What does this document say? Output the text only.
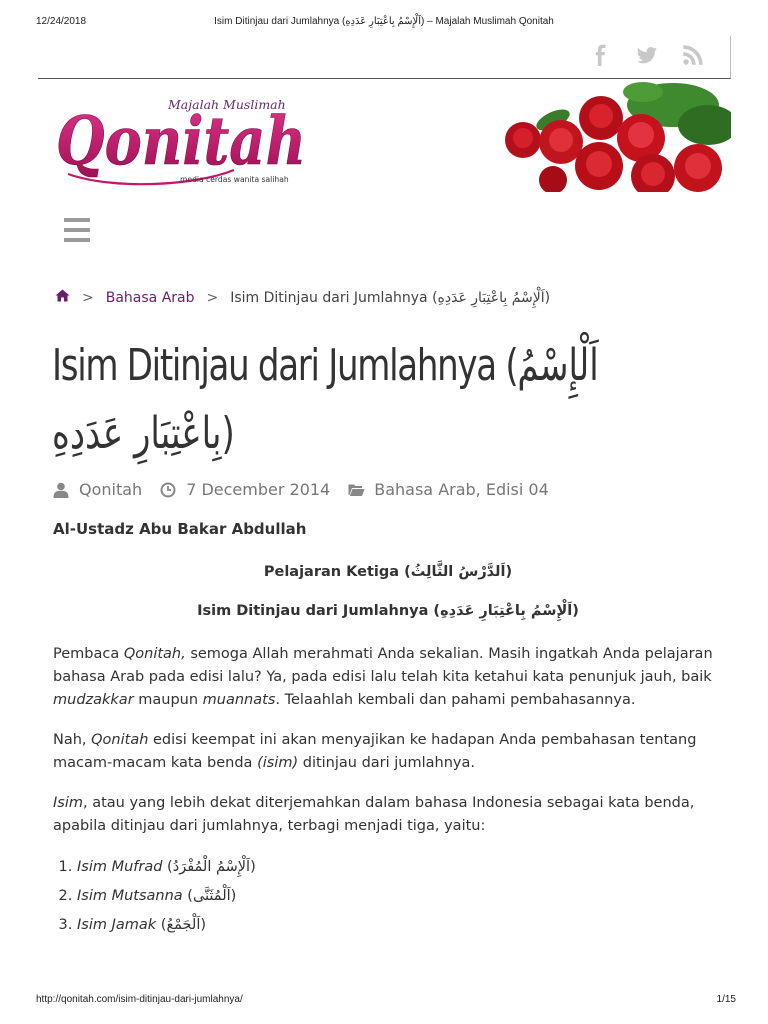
12/24/2018	Isim Ditinjau dari Jumlahnya (اَلْإِسْمُ بِاعْتِبَارِ عَدَدِهِ) – Majalah Muslimah Qonitah
Majalah Muslimah
Qonitah
media cerdas wanita salihah
> Bahasa Arab > Isim Ditinjau dari Jumlahnya (اَلْإِسْمُ بِاعْتِبَارِ عَدَدِهِ)
Isim Ditinjau dari Jumlahnya (اَلْإِسْمُ
بِاعْتِبَارِ عَدَدِهِ)
Qonitah	7 December 2014	Bahasa Arab, Edisi 04
Al-Ustadz Abu Bakar Abdullah
Pelajaran Ketiga (اَلدَّرْسُ الثَّالِثُ)
Isim Ditinjau dari Jumlahnya (اَلْإِسْمُ بِاعْتِبَارِ عَدَدِهِ)

Pembaca Qonitah, semoga Allah merahmati Anda sekalian. Masih ingatkah Anda pelajaran bahasa Arab pada edisi lalu? Ya, pada edisi lalu telah kita ketahui kata penunjuk jauh, baik mudzakkar maupun muannats. Telaahlah kembali dan pahami pembahasannya.

Nah, Qonitah edisi keempat ini akan menyajikan ke hadapan Anda pembahasan tentang macam-macam kata benda (isim) ditinjau dari jumlahnya.

Isim, atau yang lebih dekat diterjemahkan dalam bahasa Indonesia sebagai kata benda, apabila ditinjau dari jumlahnya, terbagi menjadi tiga, yaitu:

1. Isim Mufrad (اَلْإِسْمُ الْمُفْرَدُ)
2. Isim Mutsanna (اَلْمُثَنَّى)
3. Isim Jamak (اَلْجَمْعُ)
http://qonitah.com/isim-ditinjau-dari-jumlahnya/	1/15
